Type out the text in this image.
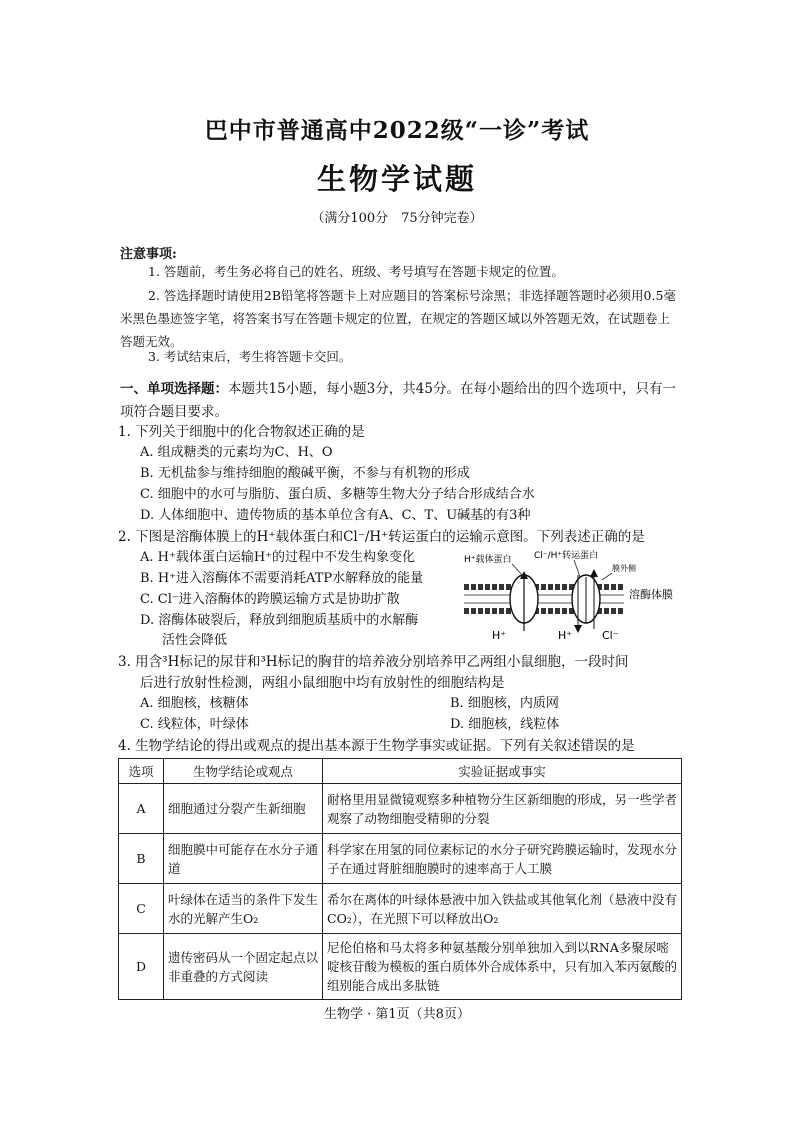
巴中市普通高中2022级“一诊”考试
生物学试题
（满分100分　75分钟完卷）
注意事项:
1. 答题前，考生务必将自己的姓名、班级、考号填写在答题卡规定的位置。
2. 答选择题时请使用2B铅笔将答题卡上对应题目的答案标号涂黑；非选择题答题时必须用0.5毫米黑色墨迹签字笔，将答案书写在答题卡规定的位置，在规定的答题区域以外答题无效，在试题卷上答题无效。
3. 考试结束后，考生将答题卡交回。
一、单项选择题：本题共15小题，每小题3分，共45分。在每小题给出的四个选项中，只有一项符合题目要求。
1. 下列关于细胞中的化合物叙述正确的是
A. 组成糖类的元素均为C、H、O
B. 无机盐参与维持细胞的酸碱平衡，不参与有机物的形成
C. 细胞中的水可与脂肪、蛋白质、多糖等生物大分子结合形成结合水
D. 人体细胞中、遗传物质的基本单位含有A、C、T、U碱基的有3种
2. 下图是溶酶体膜上的H⁺载体蛋白和Cl⁻/H⁺转运蛋白的运输示意图。下列表述正确的是
A. H⁺载体蛋白运输H⁺的过程中不发生构象变化
B. H⁺进入溶酶体不需要消耗ATP水解释放的能量
C. Cl⁻进入溶酶体的跨膜运输方式是协助扩散
D. 溶酶体破裂后，释放到细胞质基质中的水解酶
活性会降低
H⁺载体蛋白 Cl⁻/H⁺转运蛋白
膜外侧
溶酶体膜
H⁺	H⁺	Cl⁻
3. 用含³H标记的尿苷和³H标记的胸苷的培养液分别培养甲乙两组小鼠细胞，一段时间
后进行放射性检测，两组小鼠细胞中均有放射性的细胞结构是
A. 细胞核，核糖体	B. 细胞核，内质网
C. 线粒体，叶绿体	D. 细胞核，线粒体
4. 生物学结论的得出或观点的提出基本源于生物学事实或证据。下列有关叙述错误的是
选项	生物学结论或观点	实验证据或事实
A	细胞通过分裂产生新细胞	耐格里用显微镜观察多种植物分生区新细胞的形成，另一些学者观察了动物细胞受精卵的分裂
B	细胞膜中可能存在水分子通道	科学家在用氢的同位素标记的水分子研究跨膜运输时，发现水分子在通过肾脏细胞膜时的速率高于人工膜
C	叶绿体在适当的条件下发生水的光解产生O₂	希尔在离体的叶绿体悬液中加入铁盐或其他氧化剂（悬液中没有CO₂），在光照下可以释放出O₂
D	遗传密码从一个固定起点以非重叠的方式阅读	尼伦伯格和马太将多种氨基酸分别单独加入到以RNA多聚尿嘧啶核苷酸为模板的蛋白质体外合成体系中，只有加入苯丙氨酸的组别能合成出多肽链
生物学 · 第1页（共8页）
